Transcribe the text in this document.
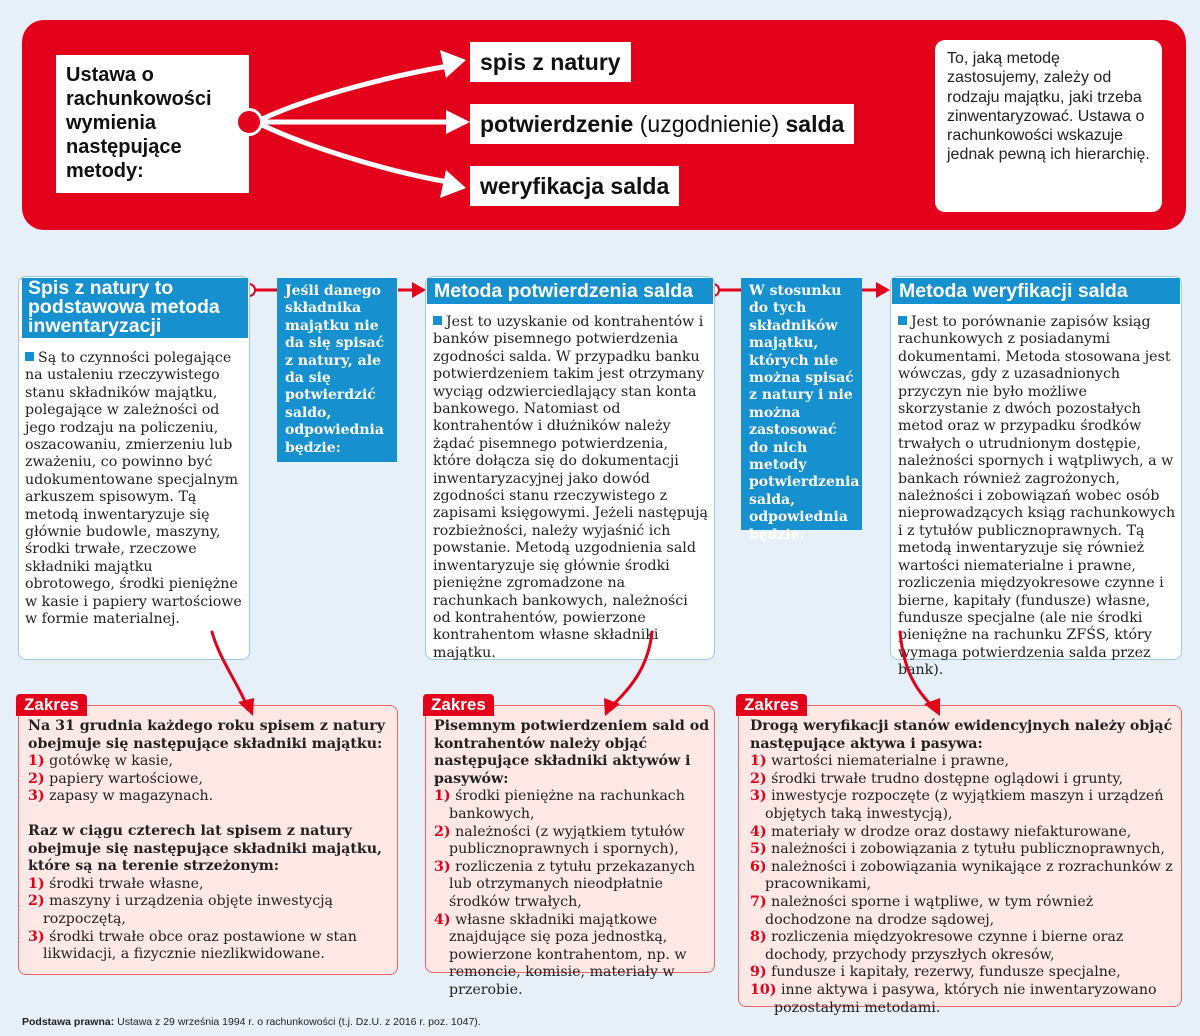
Ustawa o rachunkowości wymienia następujące metody:
spis z natury
potwierdzenie (uzgodnienie) salda
weryfikacja salda
To, jaką metodę zastosujemy, zależy od rodzaju majątku, jaki trzeba zinwentaryzować. Ustawa o rachunkowości wskazuje jednak pewną ich hierarchię.
Spis z natury to podstawowa metoda inwentaryzacji
Są to czynności polegające na ustaleniu rzeczywistego stanu składników majątku, polegające w zależności od jego rodzaju na policzeniu, oszacowaniu, zmierzeniu lub zważeniu, co powinno być udokumentowane specjalnym arkuszem spisowym. Tą metodą inwentaryzuje się głównie budowle, maszyny, środki trwałe, rzeczowe składniki majątku obrotowego, środki pieniężne w kasie i papiery wartościowe w formie materialnej.
Jeśli danego składnika majątku nie da się spisać z natury, ale da się potwierdzić saldo, odpowiednia będzie:
Metoda potwierdzenia salda
Jest to uzyskanie od kontrahentów i banków pisemnego potwierdzenia zgodności salda. W przypadku banku potwierdzeniem takim jest otrzymany wyciąg odzwierciedlający stan konta bankowego. Natomiast od kontrahentów i dłużników należy żądać pisemnego potwierdzenia, które dołącza się do dokumentacji inwentaryzacyjnej jako dowód zgodności stanu rzeczywistego z zapisami księgowymi. Jeżeli następują rozbieżności, należy wyjaśnić ich powstanie. Metodą uzgodnienia sald inwentaryzuje się głównie środki pieniężne zgromadzone na rachunkach bankowych, należności od kontrahentów, powierzone kontrahentom własne składniki majątku.
W stosunku do tych składników majątku, których nie można spisać z natury i nie można zastosować do nich metody potwierdzenia salda, odpowiednia będzie:
Metoda weryfikacji salda
Jest to porównanie zapisów ksiąg rachunkowych z posiadanymi dokumentami. Metoda stosowana jest wówczas, gdy z uzasadnionych przyczyn nie było możliwe skorzystanie z dwóch pozostałych metod oraz w przypadku środków trwałych o utrudnionym dostępie, należności spornych i wątpliwych, a w bankach również zagrożonych, należności i zobowiązań wobec osób nieprowadzących ksiąg rachunkowych i z tytułów publicznoprawnych. Tą metodą inwentaryzuje się również wartości niematerialne i prawne, rozliczenia międzyokresowe czynne i bierne, kapitały (fundusze) własne, fundusze specjalne (ale nie środki pieniężne na rachunku ZFŚS, który wymaga potwierdzenia salda przez bank).
Zakres
Na 31 grudnia każdego roku spisem z natury obejmuje się następujące składniki majątku:
1) gotówkę w kasie,
2) papiery wartościowe,
3) zapasy w magazynach.
Raz w ciągu czterech lat spisem z natury obejmuje się następujące składniki majątku, które są na terenie strzeżonym:
1) środki trwałe własne,
2) maszyny i urządzenia objęte inwestycją rozpoczętą,
3) środki trwałe obce oraz postawione w stan likwidacji, a fizycznie niezlikwidowane.
Zakres
Pisemnym potwierdzeniem sald od kontrahentów należy objąć następujące składniki aktywów i pasywów:
1) środki pieniężne na rachunkach bankowych,
2) należności (z wyjątkiem tytułów publicznoprawnych i spornych),
3) rozliczenia z tytułu przekazanych lub otrzymanych nieodpłatnie środków trwałych,
4) własne składniki majątkowe znajdujące się poza jednostką, powierzone kontrahentom, np. w remoncie, komisie, materiały w przerobie.
Zakres
Drogą weryfikacji stanów ewidencyjnych należy objąć następujące aktywa i pasywa:
1) wartości niematerialne i prawne,
2) środki trwałe trudno dostępne oglądowi i grunty,
3) inwestycje rozpoczęte (z wyjątkiem maszyn i urządzeń objętych taką inwestycją),
4) materiały w drodze oraz dostawy niefakturowane,
5) należności i zobowiązania z tytułu publicznoprawnych,
6) należności i zobowiązania wynikające z rozrachunków z pracownikami,
7) należności sporne i wątpliwe, w tym również dochodzone na drodze sądowej,
8) rozliczenia międzyokresowe czynne i bierne oraz dochody, przychody przyszłych okresów,
9) fundusze i kapitały, rezerwy, fundusze specjalne,
10) inne aktywa i pasywa, których nie inwentaryzowano pozostałymi metodami.
Podstawa prawna: Ustawa z 29 września 1994 r. o rachunkowości (t.j. Dz.U. z 2016 r. poz. 1047).
